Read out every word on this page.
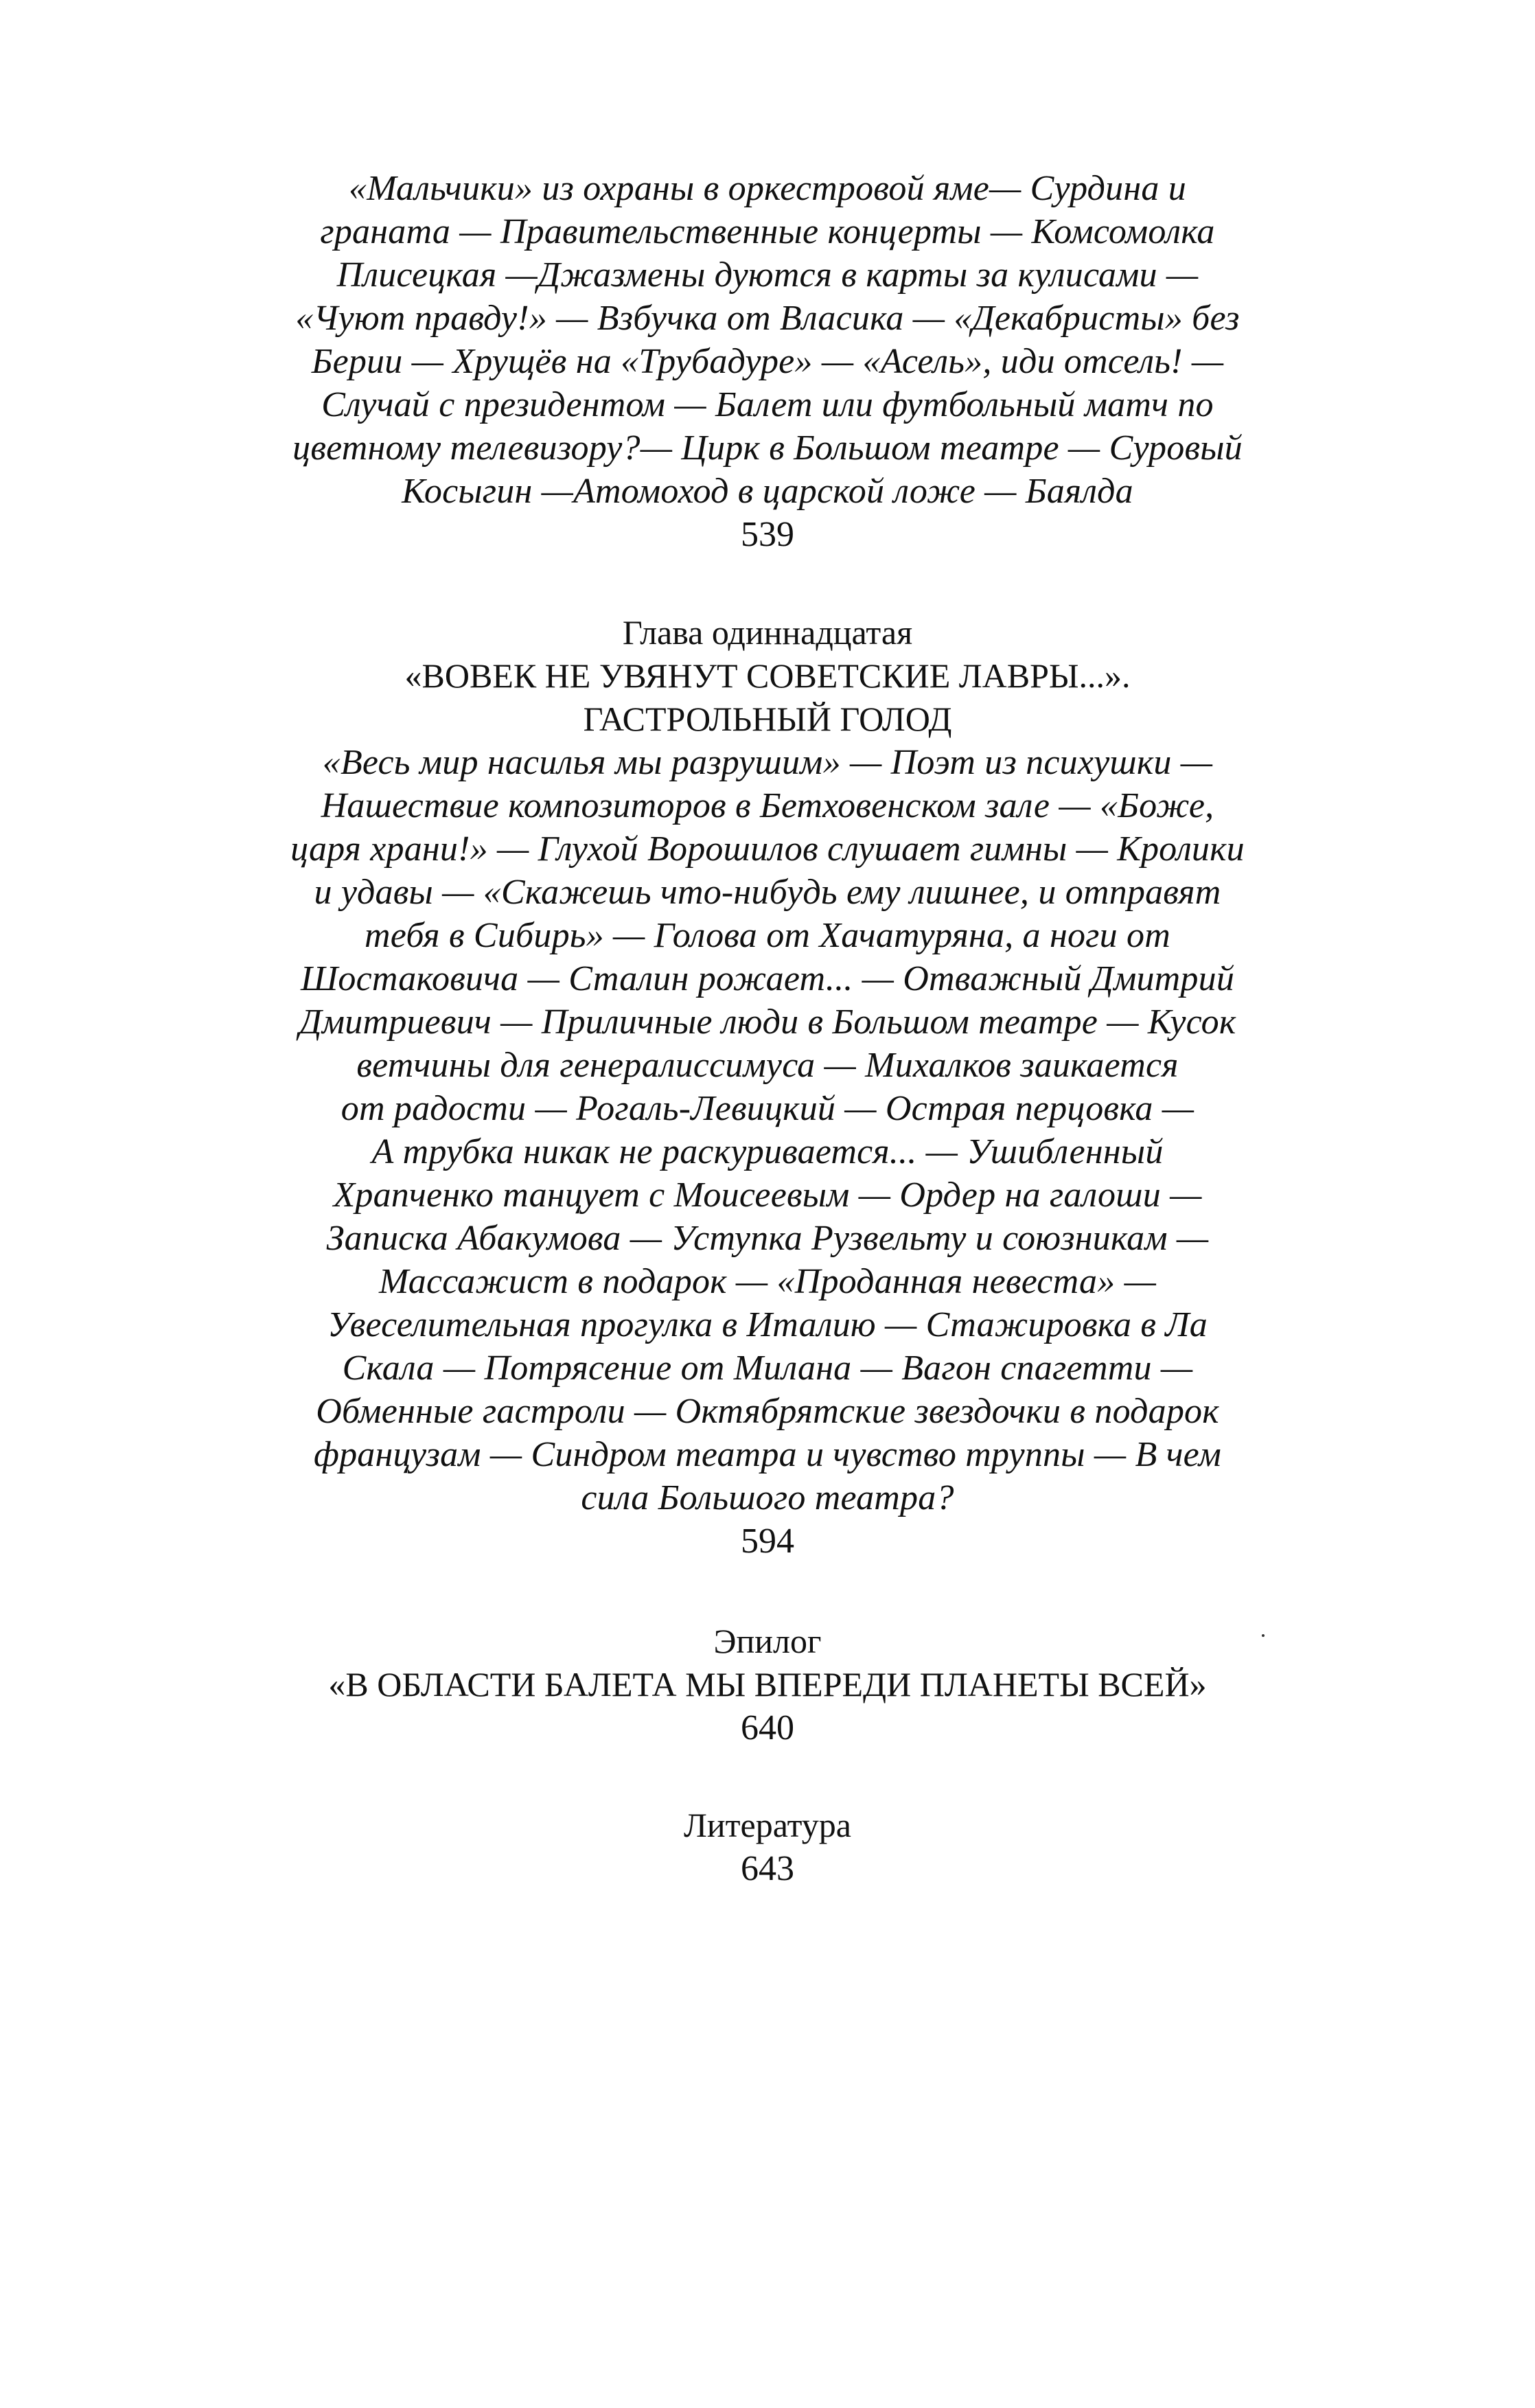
«Мальчики» из охраны в оркестровой яме— Сурдина и
граната — Правительственные концерты — Комсомолка
Плисецкая —Джазмены дуются в карты за кулисами —
«Чуют правду!» — Взбучка от Власика — «Декабристы» без
Берии — Хрущёв на «Трубадуре» — «Асель», иди отсель! —
Случай с президентом — Балет или футбольный матч по
цветному телевизору?— Цирк в Большом театре — Суровый
Косыгин —Атомоход в царской ложе — Баялда
539
Глава одиннадцатая
«ВОВЕК НЕ УВЯНУТ СОВЕТСКИЕ ЛАВРЫ...».
ГАСТРОЛЬНЫЙ ГОЛОД
«Весь мир насилья мы разрушим» — Поэт из психушки —
Нашествие композиторов в Бетховенском зале — «Боже,
царя храни!» — Глухой Ворошилов слушает гимны — Кролики
и удавы — «Скажешь что-нибудь ему лишнее, и отправят
тебя в Сибирь» — Голова от Хачатуряна, а ноги от
Шостаковича — Сталин рожает... — Отважный Дмитрий
Дмитриевич — Приличные люди в Большом театре — Кусок
ветчины для генералиссимуса — Михалков заикается
от радости — Рогаль-Левицкий — Острая перцовка —
А трубка никак не раскуривается... — Ушибленный
Храпченко танцует с Моисеевым — Ордер на галоши —
Записка Абакумова — Уступка Рузвельту и союзникам —
Массажист в подарок — «Проданная невеста» —
Увеселительная прогулка в Италию — Стажировка в Ла
Скала — Потрясение от Милана — Вагон спагетти —
Обменные гастроли — Октябрятские звездочки в подарок
французам — Синдром театра и чувство труппы — В чем
сила Большого театра?
594
Эпилог
«В ОБЛАСТИ БАЛЕТА МЫ ВПЕРЕДИ ПЛАНЕТЫ ВСЕЙ»
640
Литература
643
